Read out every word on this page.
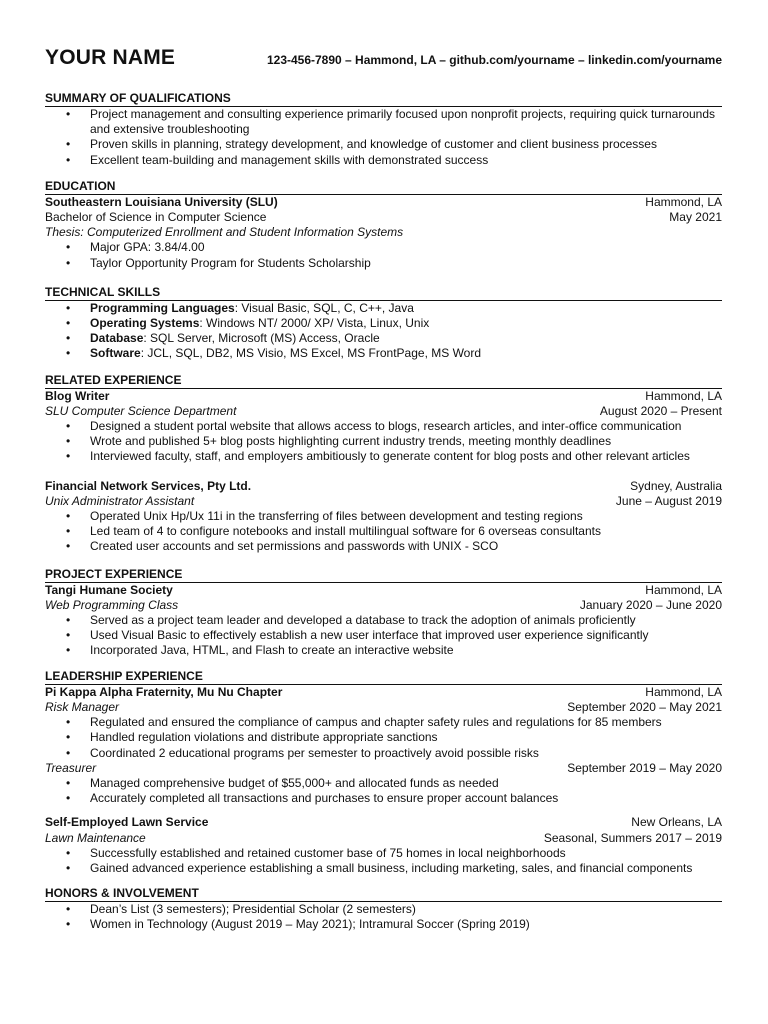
YOUR NAME	123-456-7890 – Hammond, LA – github.com/yourname – linkedin.com/yourname
SUMMARY OF QUALIFICATIONS
• Project management and consulting experience primarily focused upon nonprofit projects, requiring quick turnarounds and extensive troubleshooting
• Proven skills in planning, strategy development, and knowledge of customer and client business processes
• Excellent team-building and management skills with demonstrated success
EDUCATION
Southeastern Louisiana University (SLU)	Hammond, LA
Bachelor of Science in Computer Science	May 2021
Thesis: Computerized Enrollment and Student Information Systems
• Major GPA: 3.84/4.00
• Taylor Opportunity Program for Students Scholarship
TECHNICAL SKILLS
• Programming Languages: Visual Basic, SQL, C, C++, Java
• Operating Systems: Windows NT/ 2000/ XP/ Vista, Linux, Unix
• Database: SQL Server, Microsoft (MS) Access, Oracle
• Software: JCL, SQL, DB2, MS Visio, MS Excel, MS FrontPage, MS Word
RELATED EXPERIENCE
Blog Writer	Hammond, LA
SLU Computer Science Department	August 2020 – Present
• Designed a student portal website that allows access to blogs, research articles, and inter-office communication
• Wrote and published 5+ blog posts highlighting current industry trends, meeting monthly deadlines
• Interviewed faculty, staff, and employers ambitiously to generate content for blog posts and other relevant articles
Financial Network Services, Pty Ltd.	Sydney, Australia
Unix Administrator Assistant	June – August 2019
• Operated Unix Hp/Ux 11i in the transferring of files between development and testing regions
• Led team of 4 to configure notebooks and install multilingual software for 6 overseas consultants
• Created user accounts and set permissions and passwords with UNIX - SCO
PROJECT EXPERIENCE
Tangi Humane Society	Hammond, LA
Web Programming Class	January 2020 – June 2020
• Served as a project team leader and developed a database to track the adoption of animals proficiently
• Used Visual Basic to effectively establish a new user interface that improved user experience significantly
• Incorporated Java, HTML, and Flash to create an interactive website
LEADERSHIP EXPERIENCE
Pi Kappa Alpha Fraternity, Mu Nu Chapter	Hammond, LA
Risk Manager	September 2020 – May 2021
• Regulated and ensured the compliance of campus and chapter safety rules and regulations for 85 members
• Handled regulation violations and distribute appropriate sanctions
• Coordinated 2 educational programs per semester to proactively avoid possible risks
Treasurer	September 2019 – May 2020
• Managed comprehensive budget of $55,000+ and allocated funds as needed
• Accurately completed all transactions and purchases to ensure proper account balances
Self-Employed Lawn Service	New Orleans, LA
Lawn Maintenance	Seasonal, Summers 2017 – 2019
• Successfully established and retained customer base of 75 homes in local neighborhoods
• Gained advanced experience establishing a small business, including marketing, sales, and financial components
HONORS & INVOLVEMENT
• Dean’s List (3 semesters); Presidential Scholar (2 semesters)
• Women in Technology (August 2019 – May 2021); Intramural Soccer (Spring 2019)
